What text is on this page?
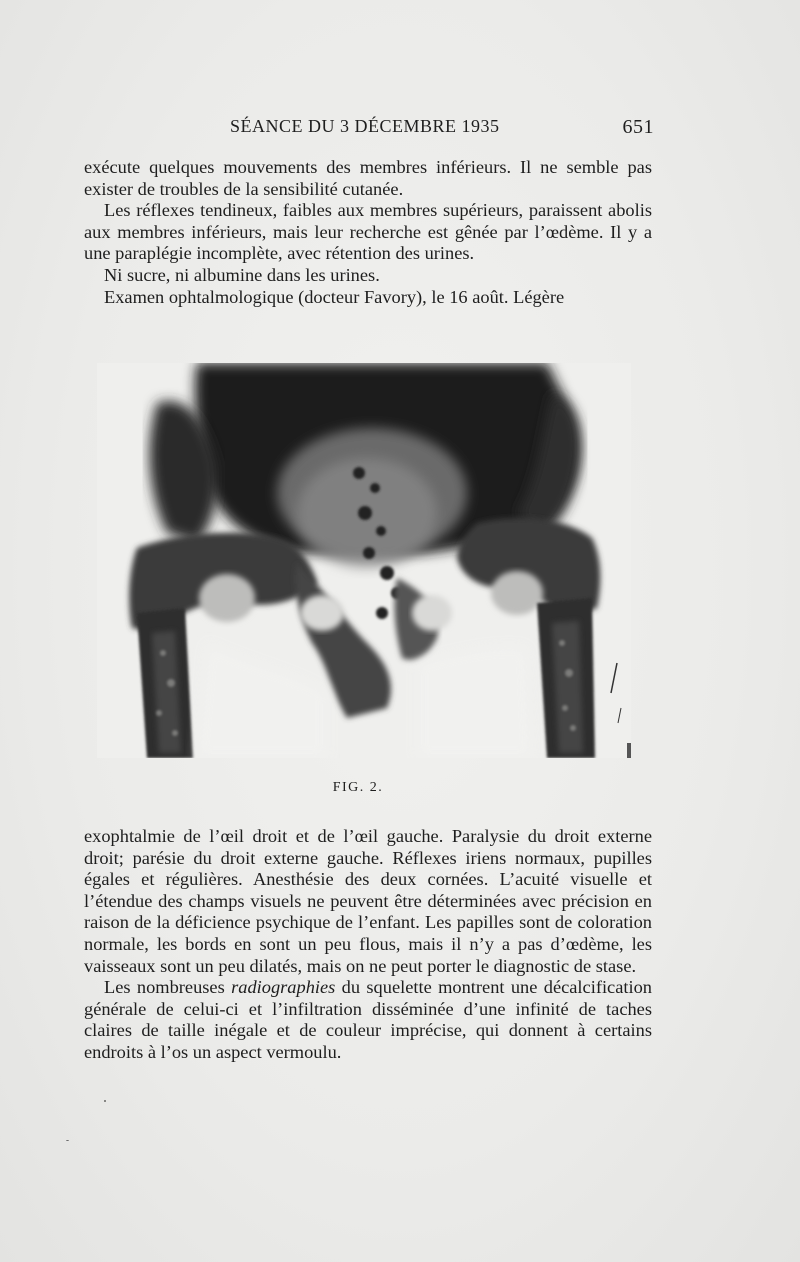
SÉANCE DU 3 DÉCEMBRE 1935	651

exécute quelques mouvements des membres inférieurs. Il ne semble pas exister de troubles de la sensibilité cutanée.

Les réflexes tendineux, faibles aux membres supérieurs, paraissent abolis aux membres inférieurs, mais leur recherche est gênée par l’œdème. Il y a une paraplégie incomplète, avec rétention des urines.

Ni sucre, ni albumine dans les urines.

Examen ophtalmologique (docteur Favory), le 16 août. Légère

FIG. 2.

exophtalmie de l’œil droit et de l’œil gauche. Paralysie du droit externe droit; parésie du droit externe gauche. Réflexes iriens normaux, pupilles égales et régulières. Anesthésie des deux cornées. L’acuité visuelle et l’étendue des champs visuels ne peuvent être déterminées avec précision en raison de la déficience psychique de l’enfant. Les papilles sont de coloration normale, les bords en sont un peu flous, mais il n’y a pas d’œdème, les vaisseaux sont un peu dilatés, mais on ne peut porter le diagnostic de stase.

Les nombreuses radiographies du squelette montrent une décalcification générale de celui-ci et l’infiltration disséminée d’une infinité de taches claires de taille inégale et de couleur imprécise, qui donnent à certains endroits à l’os un aspect vermoulu.
